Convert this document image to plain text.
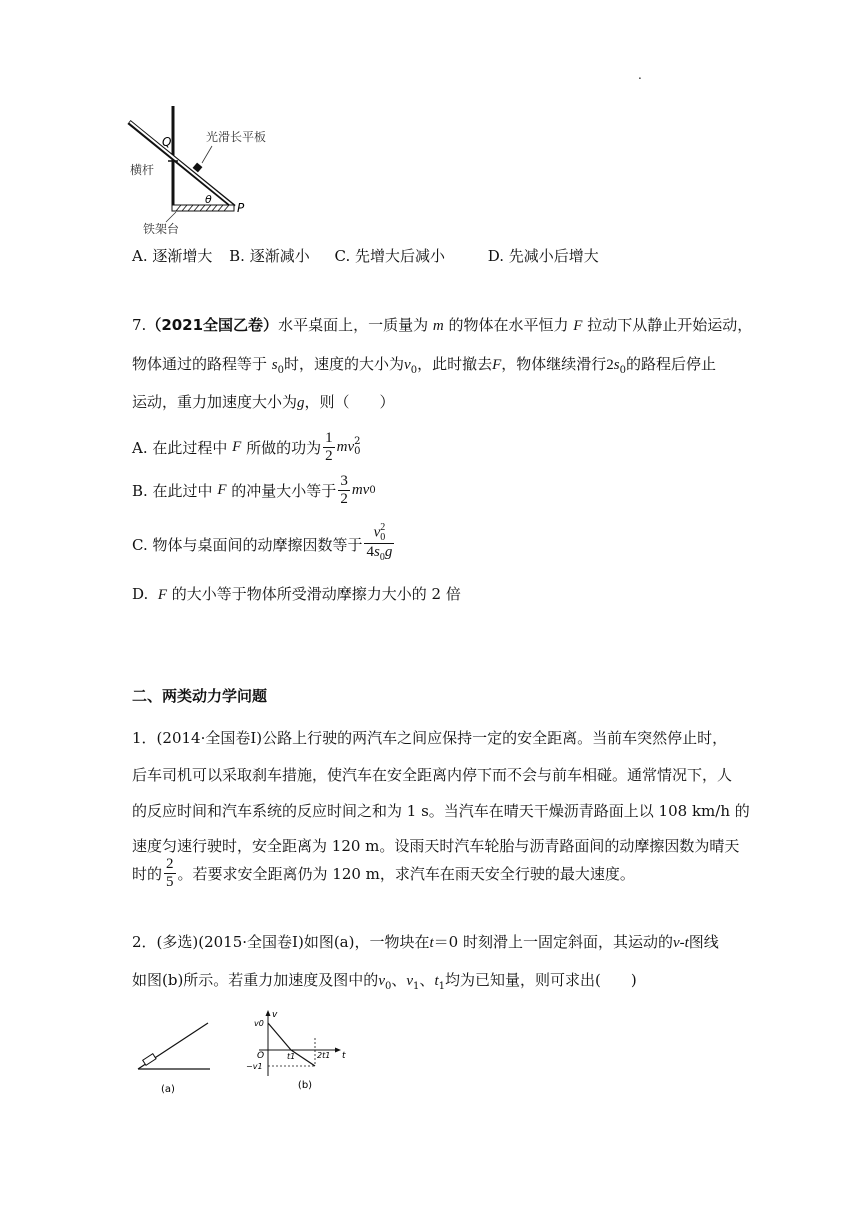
.
Q	光滑长平板
横杆
θ
P
铁架台
A. 逐渐增大 B. 逐渐减小 C. 先增大后减小	D. 先减小后增大
7.（2021全国乙卷）水平桌面上，一质量为 m 的物体在水平恒力 F 拉动下从静止开始运动，
物体通过的路程等于 $s_0$时，速度的大小为$v_0$，此时撤去F，物体继续滑行$2s_0$的路程后停止
运动，重力加速度大小为g，则（　　）
A. 在此过程中
F
所做的功为 $\frac{1}{2}$ m v 2
0
B. 在此过中
F
的冲量大小等于 $\frac{3}{2}$ m v 0
C. 物体与桌面间的动摩擦因数等于 v 2
0
$4s_0g$
D. F 的大小等于物体所受滑动摩擦力大小的 2 倍
二、两类动力学问题
1．(2014·全国卷Ⅰ)公路上行驶的两汽车之间应保持一定的安全距离。当前车突然停止时，
后车司机可以采取刹车措施，使汽车在安全距离内停下而不会与前车相碰。通常情况下，人
的反应时间和汽车系统的反应时间之和为 1 s。当汽车在晴天干燥沥青路面上以 108 km/h 的
速度匀速行驶时，安全距离为 120 m。设雨天时汽车轮胎与沥青路面间的动摩擦因数为晴天
时的 $\frac{2}{5}$ 。若要求安全距离仍为 120 m，求汽车在雨天安全行驶的最大速度。
2．(多选)(2015·全国卷Ⅰ)如图(a)，一物块在t＝0 时刻滑上一固定斜面，其运动的v-t图线
如图(b)所示。若重力加速度及图中的$v_0$、$v_1$、$t_1$均为已知量，则可求出(　　)
(a)
v0
v
O	t1	2t1 t
−v1
(b)
